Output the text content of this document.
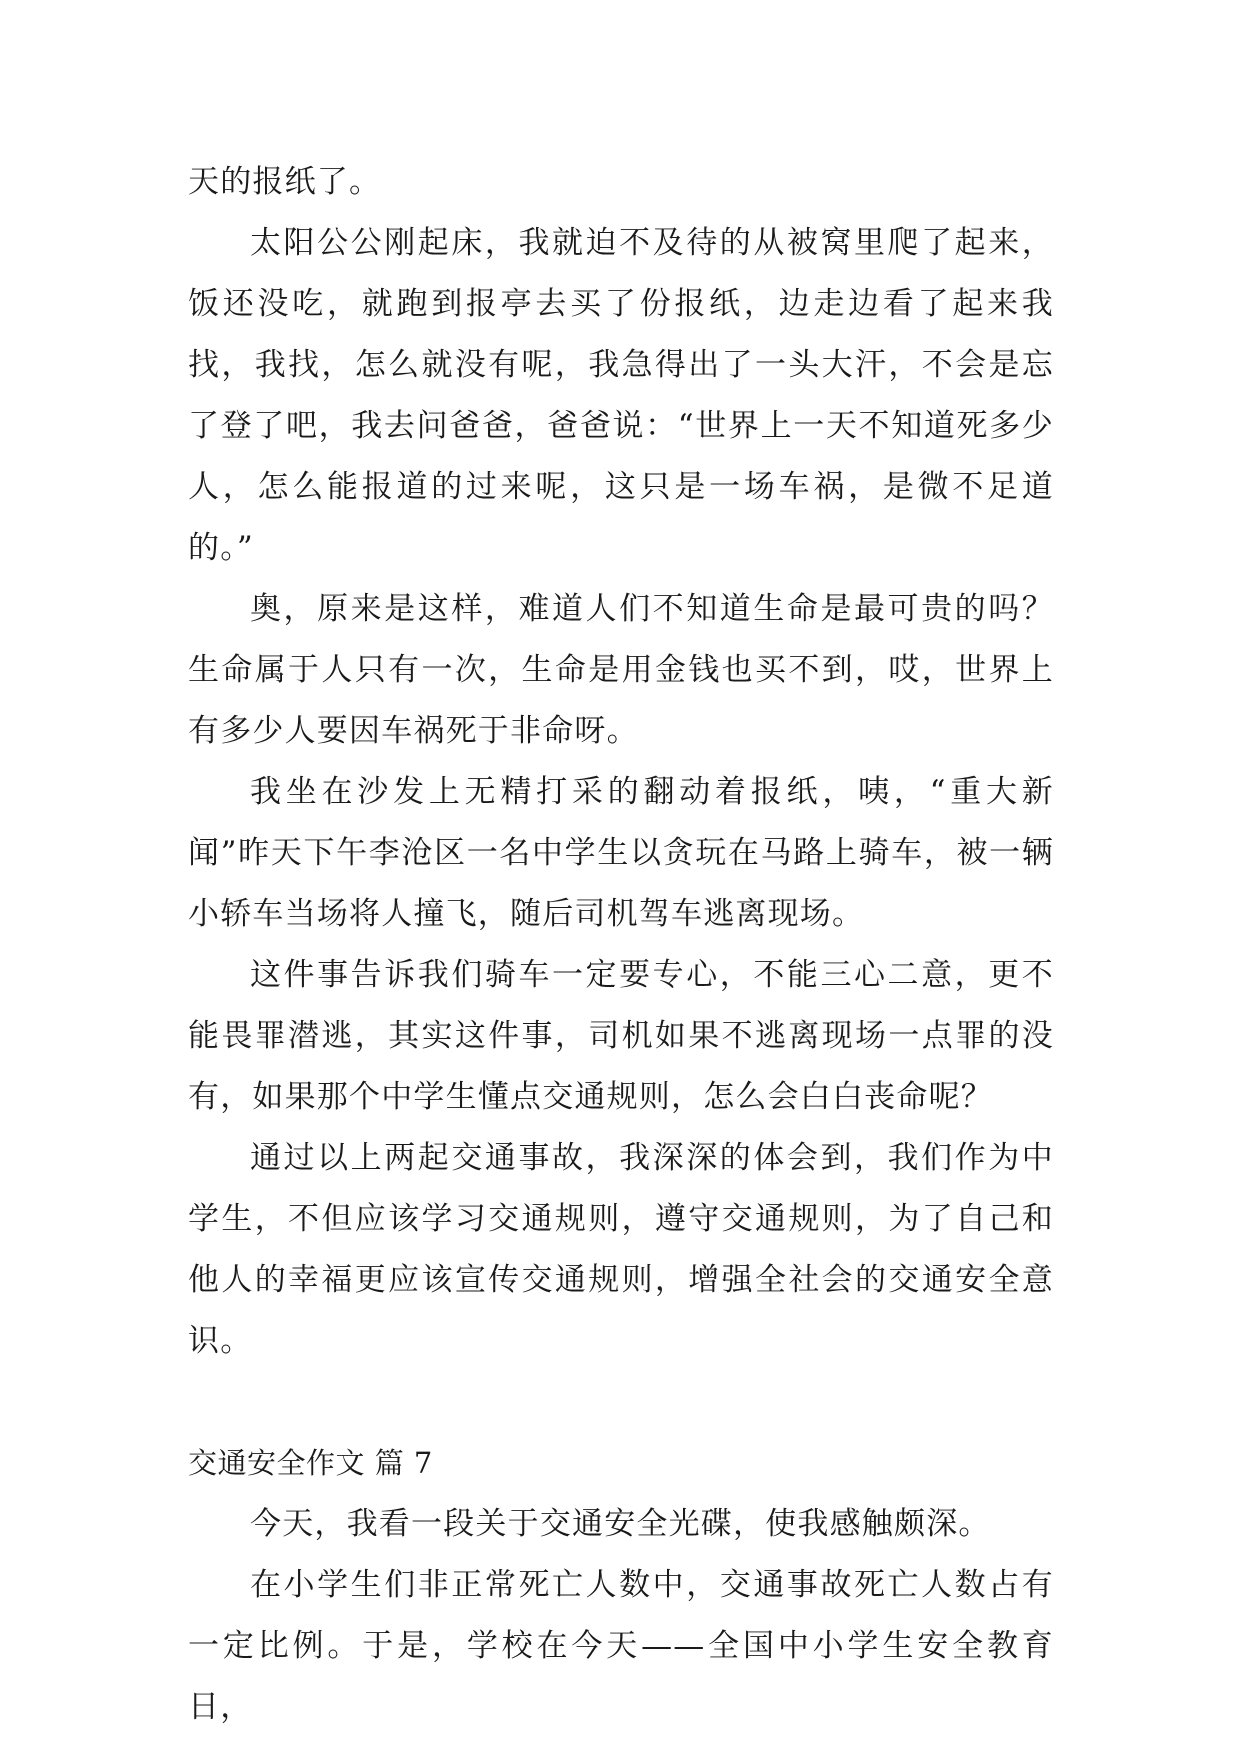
天的报纸了。

太阳公公刚起床，我就迫不及待的从被窝里爬了起来，饭还没吃，就跑到报亭去买了份报纸，边走边看了起来我找，我找，怎么就没有呢，我急得出了一头大汗，不会是忘了登了吧，我去问爸爸，爸爸说：“世界上一天不知道死多少人，怎么能报道的过来呢，这只是一场车祸，是微不足道的。”

奥，原来是这样，难道人们不知道生命是最可贵的吗？生命属于人只有一次，生命是用金钱也买不到，哎，世界上有多少人要因车祸死于非命呀。

我坐在沙发上无精打采的翻动着报纸，咦，“重大新闻”昨天下午李沧区一名中学生以贪玩在马路上骑车，被一辆小轿车当场将人撞飞，随后司机驾车逃离现场。

这件事告诉我们骑车一定要专心，不能三心二意，更不能畏罪潜逃，其实这件事，司机如果不逃离现场一点罪的没有，如果那个中学生懂点交通规则，怎么会白白丧命呢？

通过以上两起交通事故，我深深的体会到，我们作为中学生，不但应该学习交通规则，遵守交通规则，为了自己和他人的幸福更应该宣传交通规则，增强全社会的交通安全意识。

交通安全作文 篇 7

今天，我看一段关于交通安全光碟，使我感触颇深。

在小学生们非正常死亡人数中，交通事故死亡人数占有一定比例。于是，学校在今天——全国中小学生安全教育日，
